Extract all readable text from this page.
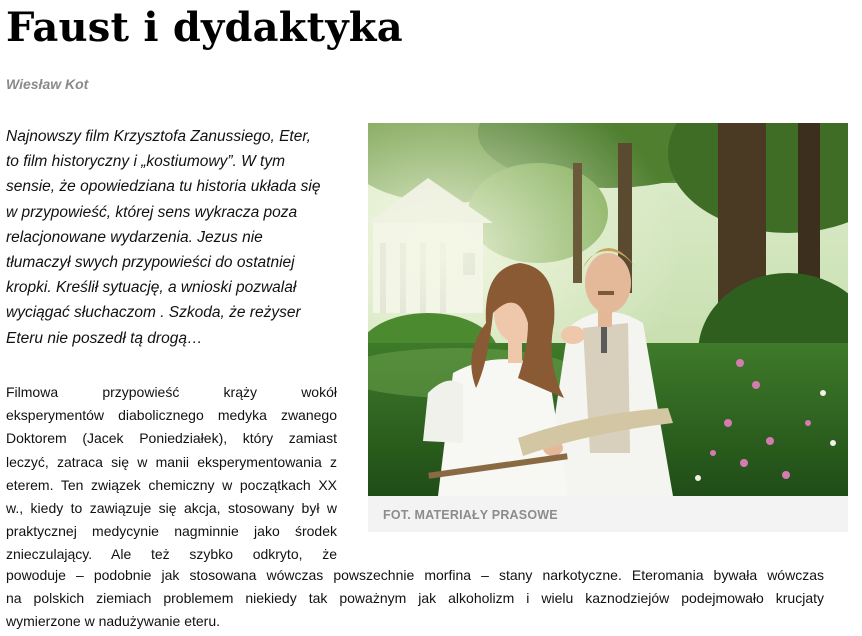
Faust i dydaktyka
Wiesław Kot
Najnowszy film Krzysztofa Zanussiego, Eter,
to film historyczny i „kostiumowy”. W tym
sensie, że opowiedziana tu historia układa się
w przypowieść, której sens wykracza poza
relacjonowane wydarzenia. Jezus nie
tłumaczył swych przypowieści do ostatniej
kropki. Kreślił sytuację, a wnioski pozwalał
wyciągać słuchaczom . Szkoda, że reżyser
Eteru nie poszedł tą drogą…
FOT. MATERIAŁY PRASOWE
Filmowa przypowieść krąży wokół
eksperymentów diabolicznego medyka zwanego
Doktorem (Jacek Poniedziałek), który zamiast
leczyć, zatraca się w manii eksperymentowania z
eterem. Ten związek chemiczny w początkach XX
w., kiedy to zawiązuje się akcja, stosowany był w
praktycznej medycynie nagminnie jako środek
znieczulający. Ale też szybko odkryto, że
powoduje – podobnie jak stosowana wówczas powszechnie morfina – stany narkotyczne. Eteromania bywała wówczas
na polskich ziemiach problemem niekiedy tak poważnym jak alkoholizm i wielu kaznodziejów podejmowało krucjaty
wymierzone w nadużywanie eteru.
